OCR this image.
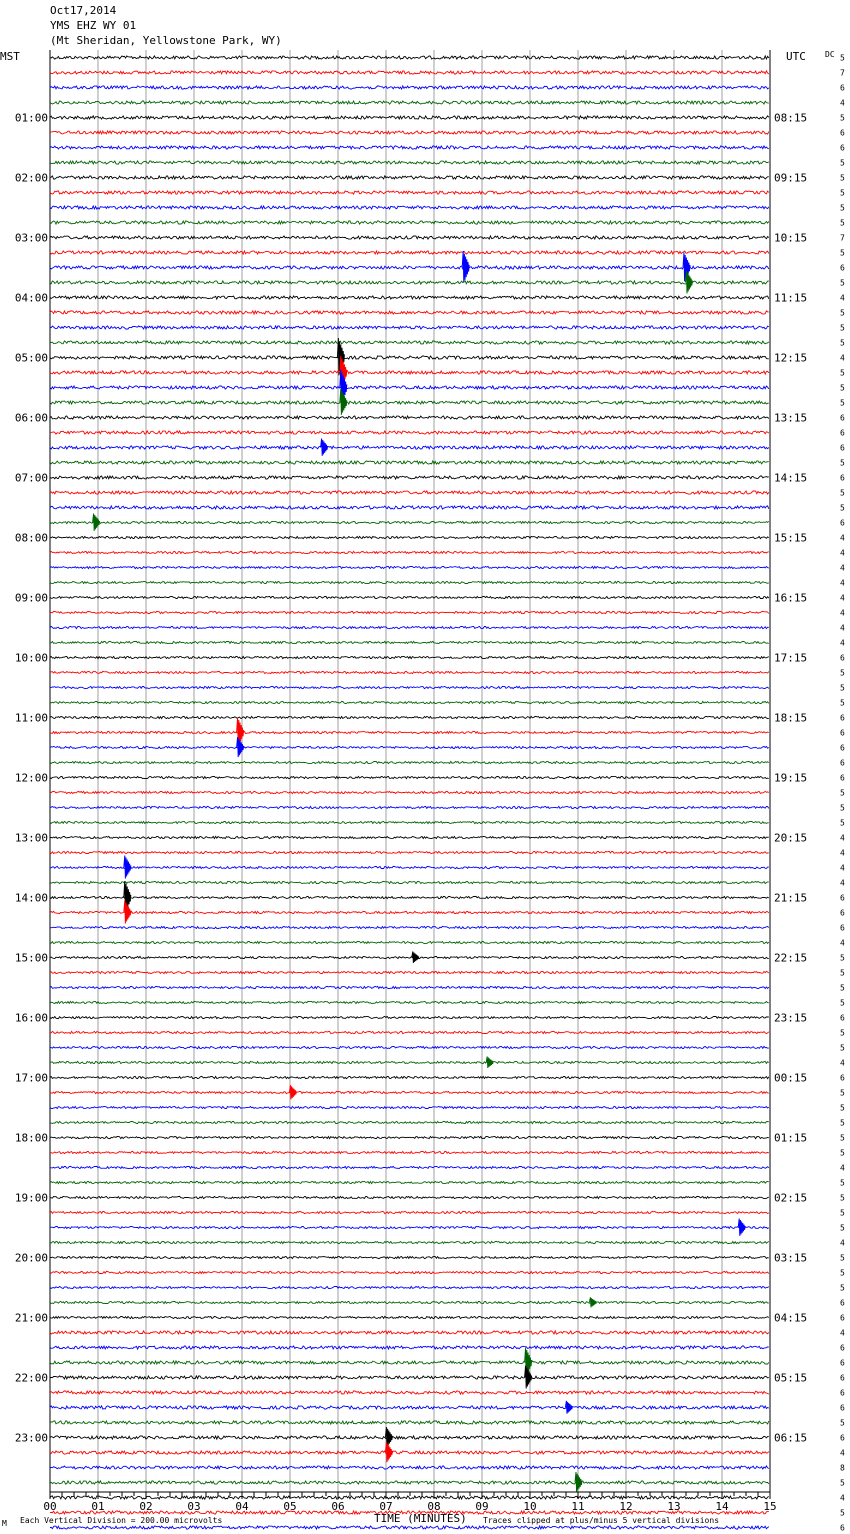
Oct17,2014
YMS EHZ WY 01
(Mt Sheridan, Yellowstone Park, WY)
01:00
02:00
03:00
04:00
05:00
06:00
07:00
08:00
09:00
10:00
11:00
12:00
13:00
14:00
15:00
16:00
17:00
18:00
19:00
20:00
21:00
22:00
23:00
08:15
09:15
10:15
11:15
12:15
13:15
14:15
15:15
16:15
17:15
18:15
19:15
20:15
21:15
22:15
23:15
00:15
01:15
02:15
03:15
04:15
05:15
06:15
5
7
6
4
5
6
6
5
5
5
5
5
7
5
6
5
4
5
5
5
4
5
5
5
6
6
6
5
6
5
5
6
4
4
4
4
4
4
4
4
6
5
5
5
6
6
6
6
6
5
5
5
4
4
4
4
6
6
6
4
5
5
5
5
6
5
5
4
6
5
5
5
5
5
4
5
5
5
5
4
5
5
5
6
6
4
6
6
6
6
6
5
6
4
8
5
4
5
6
00	01	02	03	04	05	06	07	08	09	10	11	12	13	14	15
MST	UTC DC
M Each Vertical Division = 200.00 microvolts	TIME (MINUTES) Traces clipped at plus/minus 5 vertical divisions
